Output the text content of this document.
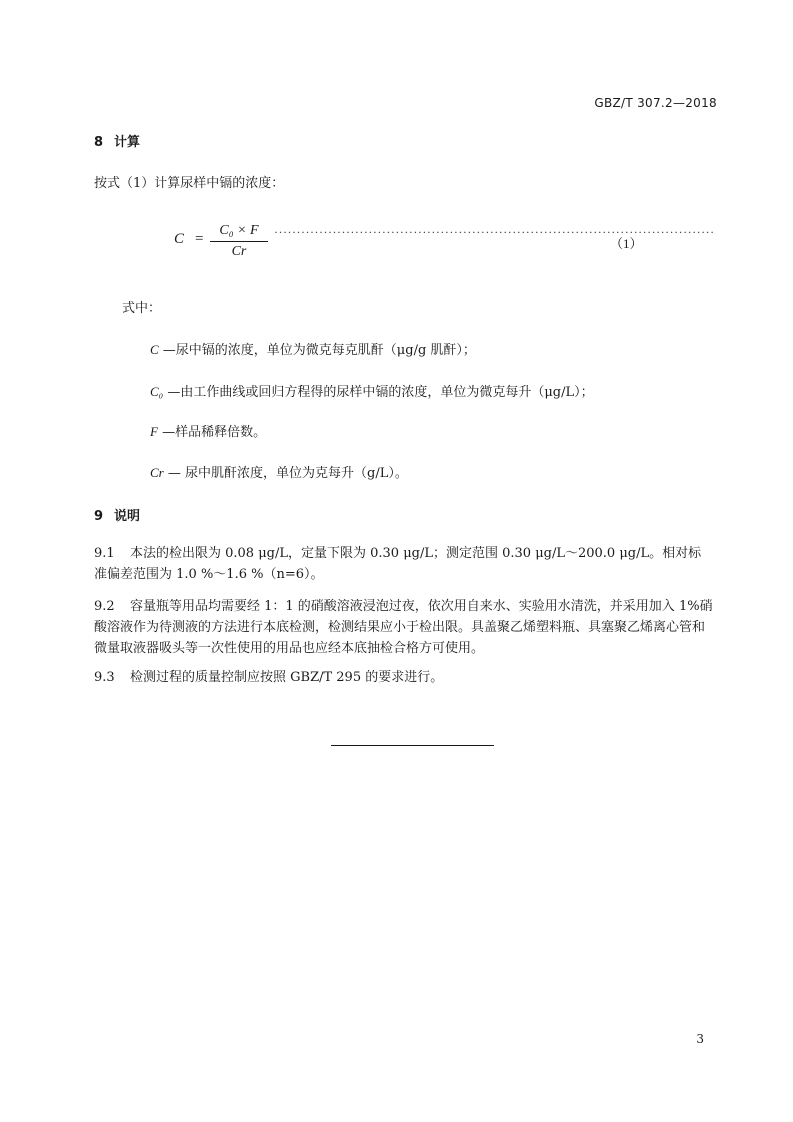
GBZ/T 307.2—2018
8 计算
按式（1）计算尿样中镉的浓度：
C =
C₀ × F
Cr
··································································································
（1）
式中：
C —尿中镉的浓度，单位为微克每克肌酐（μg/g 肌酐）；
C₀ —由工作曲线或回归方程得的尿样中镉的浓度，单位为微克每升（μg/L）；
F —样品稀释倍数。
Cr — 尿中肌酐浓度，单位为克每升（g/L）。
9 说明
9.1 本法的检出限为 0.08 μg/L，定量下限为 0.30 μg/L；测定范围 0.30 μg/L～200.0 μg/L。相对标准偏差范围为 1.0 %～1.6 %（n=6）。
9.2 容量瓶等用品均需要经 1：1 的硝酸溶液浸泡过夜，依次用自来水、实验用水清洗，并采用加入 1%硝酸溶液作为待测液的方法进行本底检测，检测结果应小于检出限。具盖聚乙烯塑料瓶、具塞聚乙烯离心管和微量取液器吸头等一次性使用的用品也应经本底抽检合格方可使用。
9.3 检测过程的质量控制应按照 GBZ/T 295 的要求进行。
3
